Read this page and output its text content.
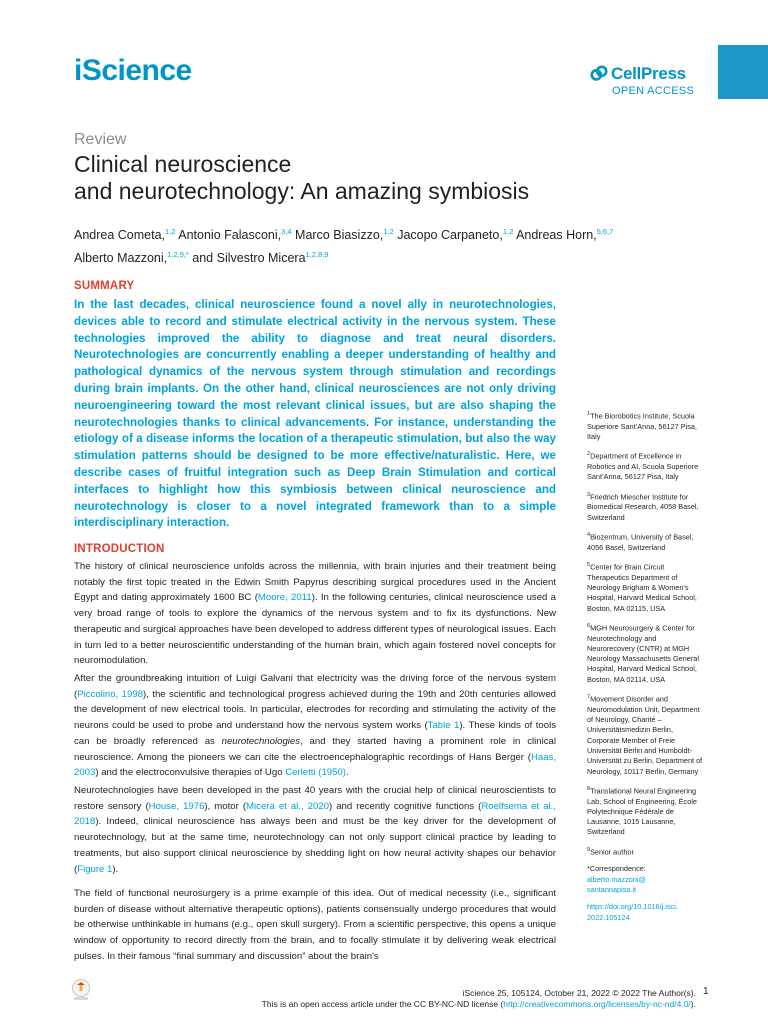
iScience	CellPress
OPEN ACCESS
Review
Clinical neuroscience
and neurotechnology: An amazing symbiosis
Andrea Cometa,$^{1,2}$ Antonio Falasconi,$^{3,4}$ Marco Biasizzo,$^{1,2}$ Jacopo Carpaneto,$^{1,2}$ Andreas Horn,$^{5,6,7}$
Alberto Mazzoni,$^{1,2,9,*}$ and Silvestro Micera$^{1,2,8,9}$
SUMMARY
In the last decades, clinical neuroscience found a novel ally in neurotechnologies, devices able to record and stimulate electrical activity in the nervous system. These technologies improved the ability to diagnose and treat neural disorders. Neurotechnologies are concurrently enabling a deeper understanding of healthy and pathological dynamics of the nervous system through stimulation and recordings during brain implants. On the other hand, clinical neurosciences are not only driving neuroengineering toward the most relevant clinical issues, but are also shaping the neurotechnologies thanks to clinical advancements. For instance, understanding the etiology of a disease informs the location of a therapeutic stimulation, but also the way stimulation patterns should be designed to be more effective/naturalistic. Here, we describe cases of fruitful integration such as Deep Brain Stimulation and cortical interfaces to highlight how this symbiosis between clinical neuroscience and neurotechnology is closer to a novel integrated framework than to a simple interdisciplinary interaction.
INTRODUCTION
The history of clinical neuroscience unfolds across the millennia, with brain injuries and their treatment being notably the first topic treated in the Edwin Smith Papyrus describing surgical procedures used in the Ancient Egypt and dating approximately 1600 BC (Moore, 2011). In the following centuries, clinical neuroscience used a very broad range of tools to explore the dynamics of the nervous system and to fix its dysfunctions. New therapeutic and surgical approaches have been developed to address different types of neurological issues. Each in turn led to a better neuroscientific understanding of the human brain, which again fostered novel concepts for neuromodulation.
After the groundbreaking intuition of Luigi Galvani that electricity was the driving force of the nervous system (Piccolino, 1998), the scientific and technological progress achieved during the 19th and 20th centuries allowed the development of new electrical tools. In particular, electrodes for recording and stimulating the activity of the neurons could be used to probe and understand how the nervous system works (Table 1). These kinds of tools can be broadly referenced as neurotechnologies, and they started having a prominent role in clinical neuroscience. Among the pioneers we can cite the electroencephalographic recordings of Hans Berger (Haas, 2003) and the electroconvulsive therapies of Ugo Cerletti (1950).
Neurotechnologies have been developed in the past 40 years with the crucial help of clinical neuroscientists to restore sensory (House, 1976), motor (Micera et al., 2020) and recently cognitive functions (Roelfsema et al., 2018). Indeed, clinical neuroscience has always been and must be the key driver for the development of neurotechnology, but at the same time, neurotechnology can not only support clinical practice by leading to treatments, but also support clinical neuroscience by shedding light on how neural activity shapes our behavior (Figure 1).
The field of functional neurosurgery is a prime example of this idea. Out of medical necessity (i.e., significant burden of disease without alternative therapeutic options), patients consensually undergo procedures that would be otherwise unthinkable in humans (e.g., open skull surgery). From a scientific perspective, this opens a unique window of opportunity to record directly from the brain, and to focally stimulate it by delivering weak electrical pulses. In their famous “final summary and discussion” about the brain's
$^1$The Biorobotics Institute, Scuola Superiore Sant’Anna, 56127 Pisa, Italy
$^2$Department of Excellence in Robotics and AI, Scuola Superiore Sant’Anna, 56127 Pisa, Italy
$^3$Friedrich Miescher Institute for Biomedical Research, 4058 Basel, Switzerland
$^4$Biozentrum, University of Basel, 4056 Basel, Switzerland
$^5$Center for Brain Circuit Therapeutics Department of Neurology Brigham & Women’s Hospital, Harvard Medical School, Boston, MA 02115, USA
$^6$MGH Neurosurgery & Center for Neurotechnology and Neurorecovery (CNTR) at MGH Neurology Massachusetts General Hospital, Harvard Medical School, Boston, MA 02114, USA
$^7$Movement Disorder and Neuromodulation Unit, Department of Neurology, Charité – Universitätsmedizin Berlin, Corporate Member of Freie Universität Berlin and Humboldt- Universität zu Berlin, Department of Neurology, 10117 Berlin, Germany
$^8$Translational Neural Engineering Lab, School of Engineering, École Polytechnique Fédérale de Lausanne, 1015 Lausanne, Switzerland
$^9$Senior author
*Correspondence:
alberto.mazzoni@
santannapisa.it
https://doi.org/10.1016/j.isci.
2022.105124
iScience 25, 105124, October 21, 2022 © 2022 The Author(s). 1
This is an open access article under the CC BY-NC-ND license (http://creativecommons.org/licenses/by-nc-nd/4.0/).
